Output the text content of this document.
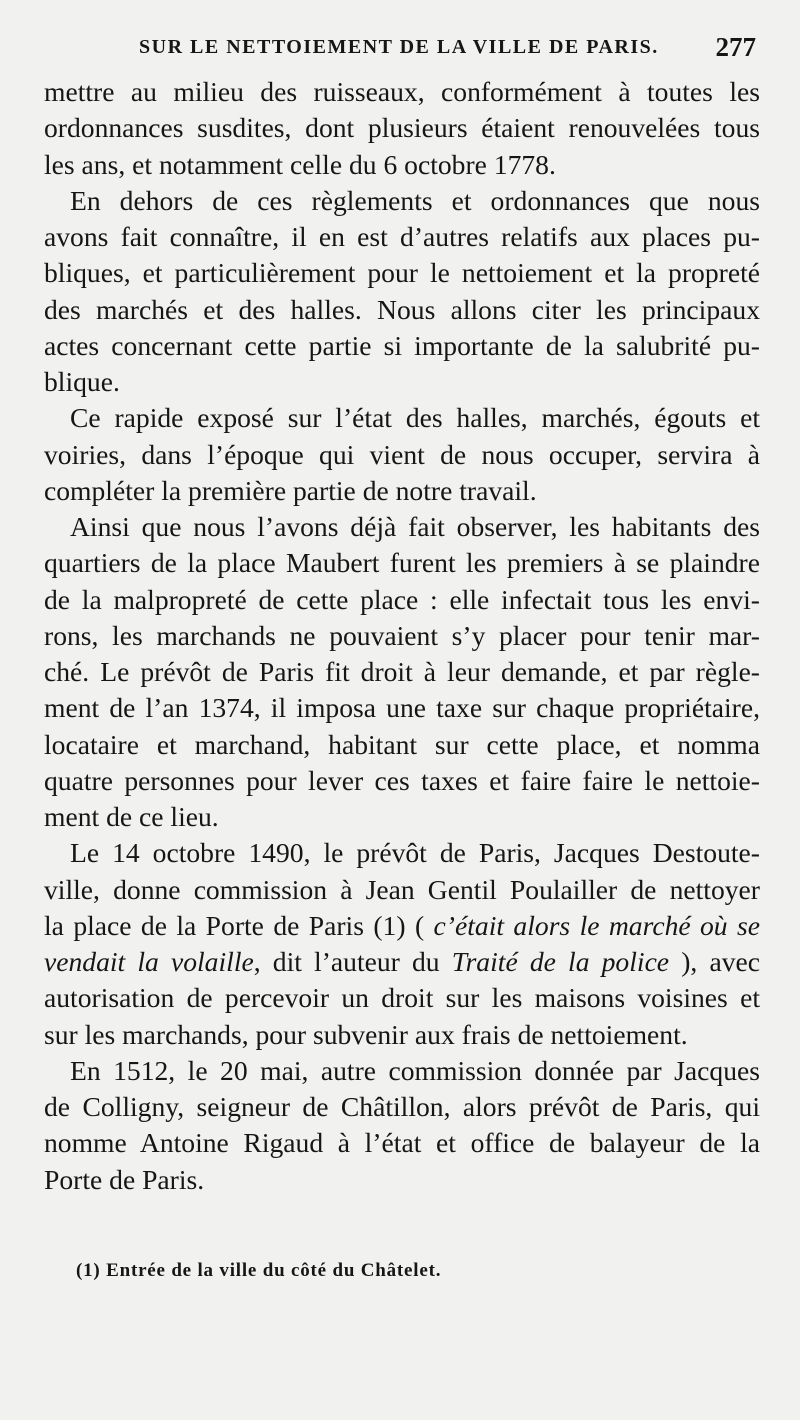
SUR LE NETTOIEMENT DE LA VILLE DE PARIS. 277
mettre au milieu des ruisseaux, conformément à toutes les
ordonnances susdites, dont plusieurs étaient renouvelées tous
les ans, et notamment celle du 6 octobre 1778.
En dehors de ces règlements et ordonnances que nous
avons fait connaître, il en est d’autres relatifs aux places pu-
bliques, et particulièrement pour le nettoiement et la propreté
des marchés et des halles. Nous allons citer les principaux
actes concernant cette partie si importante de la salubrité pu-
blique.
Ce rapide exposé sur l’état des halles, marchés, égouts et
voiries, dans l’époque qui vient de nous occuper, servira à
compléter la première partie de notre travail.
Ainsi que nous l’avons déjà fait observer, les habitants des
quartiers de la place Maubert furent les premiers à se plaindre
de la malpropreté de cette place : elle infectait tous les envi-
rons, les marchands ne pouvaient s’y placer pour tenir mar-
ché. Le prévôt de Paris fit droit à leur demande, et par règle-
ment de l’an 1374, il imposa une taxe sur chaque propriétaire,
locataire et marchand, habitant sur cette place, et nomma
quatre personnes pour lever ces taxes et faire faire le nettoie-
ment de ce lieu.
Le 14 octobre 1490, le prévôt de Paris, Jacques Destoute-
ville, donne commission à Jean Gentil Poulailler de nettoyer
la place de la Porte de Paris (1) ( c’était alors le marché où se
vendait la volaille, dit l’auteur du Traité de la police ), avec
autorisation de percevoir un droit sur les maisons voisines et
sur les marchands, pour subvenir aux frais de nettoiement.
En 1512, le 20 mai, autre commission donnée par Jacques
de Colligny, seigneur de Châtillon, alors prévôt de Paris, qui
nomme Antoine Rigaud à l’état et office de balayeur de la
Porte de Paris.
(1) Entrée de la ville du côté du Châtelet.
